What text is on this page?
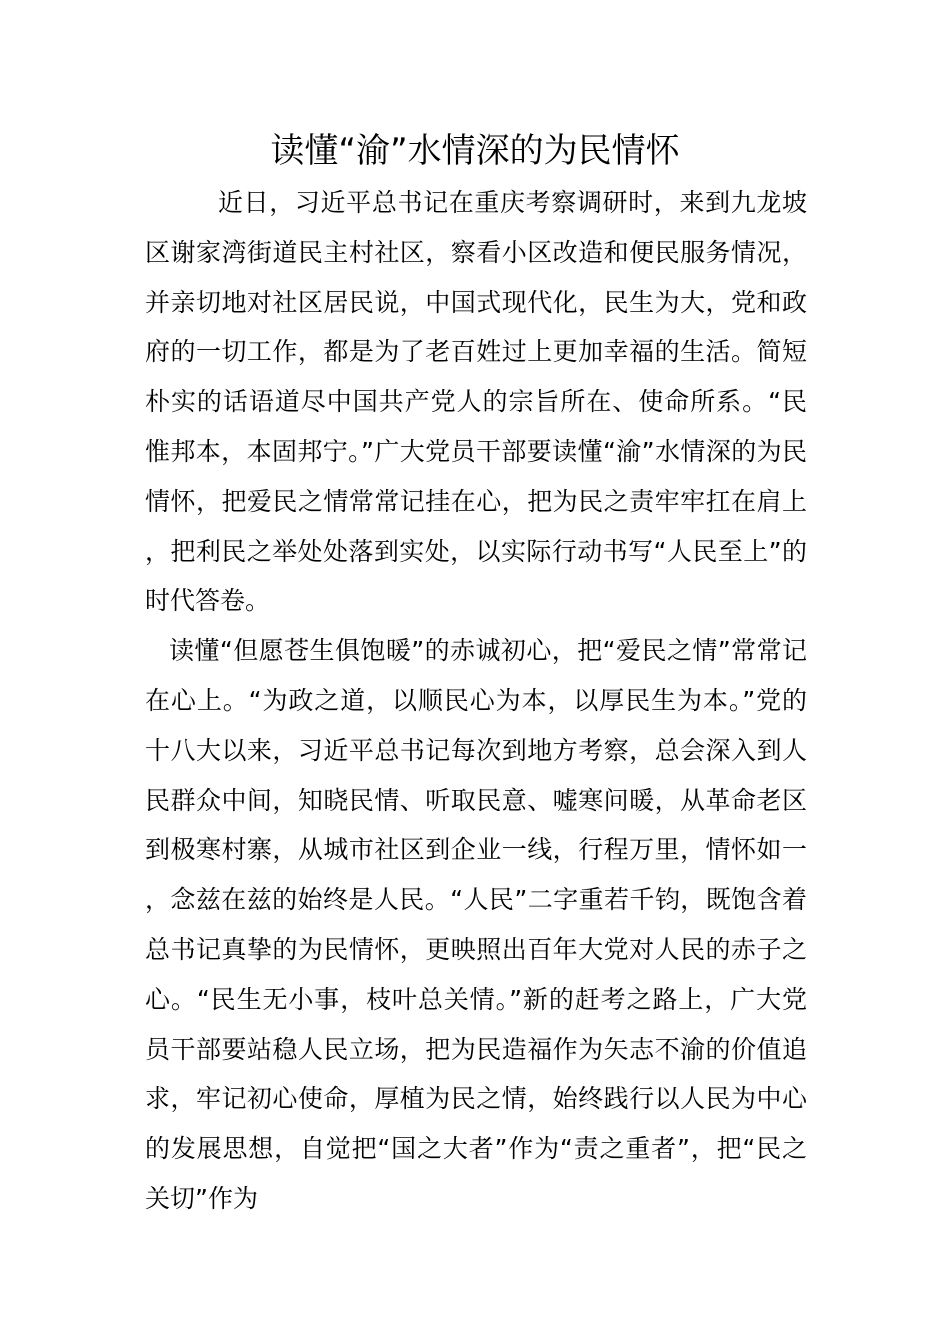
读懂“渝”水情深的为民情怀

近日，习近平总书记在重庆考察调研时，来到九龙坡区谢家湾街道民主村社区，察看小区改造和便民服务情况，并亲切地对社区居民说，中国式现代化，民生为大，党和政府的一切工作，都是为了老百姓过上更加幸福的生活。简短朴实的话语道尽中国共产党人的宗旨所在、使命所系。“民惟邦本，本固邦宁。”广大党员干部要读懂“渝”水情深的为民情怀，把爱民之情常常记挂在心，把为民之责牢牢扛在肩上，把利民之举处处落到实处，以实际行动书写“人民至上”的时代答卷。

读懂“但愿苍生俱饱暖”的赤诚初心，把“爱民之情”常常记在心上。“为政之道，以顺民心为本，以厚民生为本。”党的十八大以来，习近平总书记每次到地方考察，总会深入到人民群众中间，知晓民情、听取民意、嘘寒问暖，从革命老区到极寒村寨，从城市社区到企业一线，行程万里，情怀如一，念兹在兹的始终是人民。“人民”二字重若千钧，既饱含着总书记真挚的为民情怀，更映照出百年大党对人民的赤子之心。“民生无小事，枝叶总关情。”新的赶考之路上，广大党员干部要站稳人民立场，把为民造福作为矢志不渝的价值追求，牢记初心使命，厚植为民之情，始终践行以人民为中心的发展思想，自觉把“国之大者”作为“责之重者”，把“民之关切”作为
